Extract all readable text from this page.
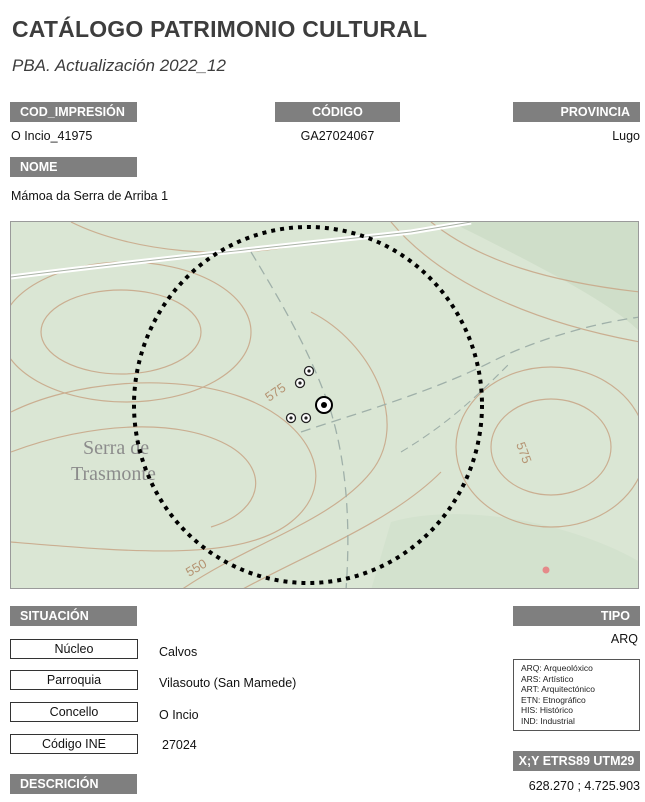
CATÁLOGO PATRIMONIO CULTURAL
PBA. Actualización 2022_12
COD_IMPRESIÓN
O Incio_41975
CÓDIGO
GA27024067
PROVINCIA
Lugo
NOME
Mámoa da Serra de Arriba 1
575
575
550
Serra de
Trasmonte
SITUACIÓN
Núcleo	Calvos
Parroquia	Vilasouto (San Mamede)
Concello	O Incio
Código INE	27024
TIPO
ARQ
ARQ: Arqueolóxico
ARS: Artístico
ART: Arquitectónico
ETN: Etnográfico
HIS: Histórico
IND: Industrial
X;Y ETRS89 UTM29
628.270 ; 4.725.903
DESCRICIÓN
